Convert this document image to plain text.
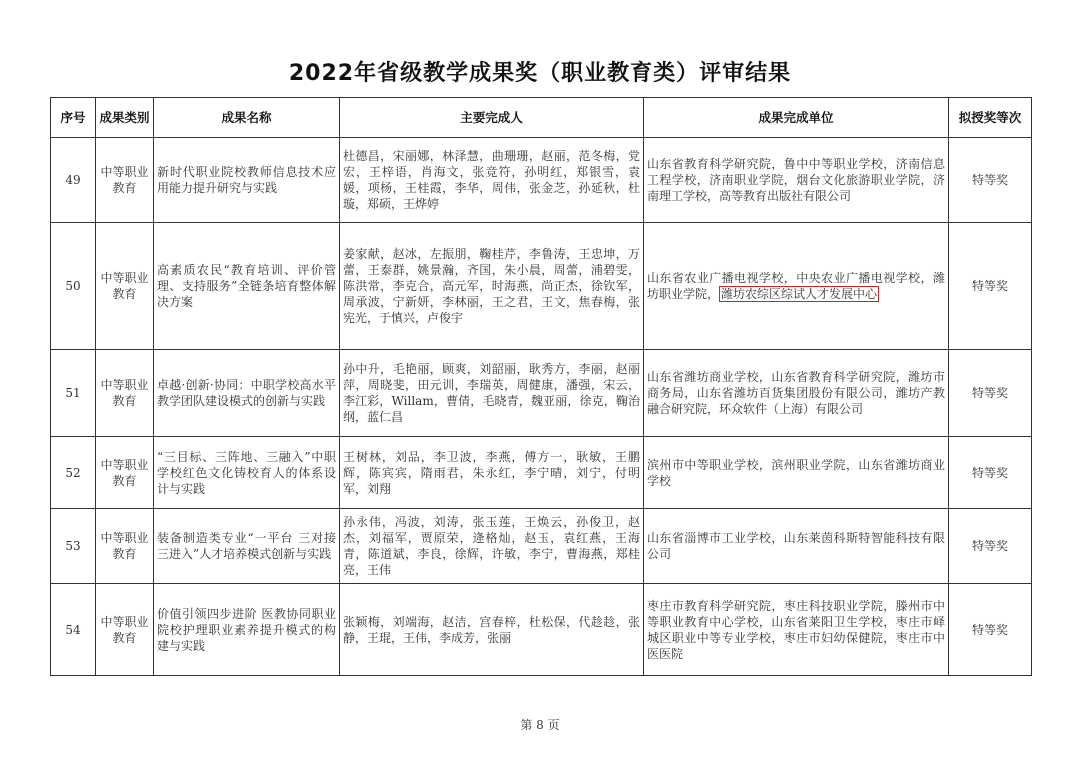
2022年省级教学成果奖（职业教育类）评审结果
序号	成果类别	成果名称	主要完成人	成果完成单位	拟授奖等次
49	中等职业教育	新时代职业院校教师信息技术应用能力提升研究与实践	杜德昌，宋丽娜，林泽慧，曲珊珊，赵丽，范冬梅，党宏，王梓语，肖海文，张竞符，孙明红，郑银雪，袁媛，项杨，王桂霞，李华，周伟，张金芝，孙延秋，杜璇，郑硕，王烨婷	山东省教育科学研究院，鲁中中等职业学校，济南信息工程学校，济南职业学院，烟台文化旅游职业学院，济南理工学校，高等教育出版社有限公司	特等奖
50	中等职业教育	高素质农民“教育培训、评价管理、支持服务”全链条培育整体解决方案	姜家献，赵冰，左振朋，鞠桂芹，李鲁涛，王忠坤，万蕾，王泰群，姚景瀚，齐国，朱小晨，周蕾，浦碧雯，陈洪常，李克合，高元军，时海燕，尚正杰，徐钦军，周承波，宁新妍，李林丽，王之君，王文，焦春梅，张宪光，于慎兴，卢俊宇	山东省农业广播电视学校，中央农业广播电视学校，潍坊职业学院， 潍坊农综区综试人才发展中心	特等奖
51	中等职业教育	卓越·创新·协同：中职学校高水平教学团队建设模式的创新与实践	孙中升，毛艳丽，顾爽，刘韶丽，耿秀方，李丽，赵丽萍，周晓斐，田元训，李瑞英，周健康，潘强，宋云，李江彩，Willam，曹倩，毛晓青，魏亚丽，徐克，鞠治纲，蓝仁昌	山东省潍坊商业学校，山东省教育科学研究院，潍坊市商务局，山东省潍坊百货集团股份有限公司，潍坊产教融合研究院，环众软件（上海）有限公司	特等奖
52	中等职业教育	“三目标、三阵地、三融入”中职学校红色文化铸校育人的体系设计与实践	王树林，刘品，李卫波，李燕，傅方一，耿敏，王鹏辉，陈宾宾，隋雨君，朱永红，李宁晴，刘宁，付明军，刘翔	滨州市中等职业学校，滨州职业学院，山东省潍坊商业学校	特等奖
53	中等职业教育	装备制造类专业“一平台 三对接 三进入”人才培养模式创新与实践	孙永伟，冯波，刘涛，张玉莲，王焕云，孙俊卫，赵杰，刘福军，贾原荣，逄格灿，赵玉，袁红燕，王海青，陈道斌，李良，徐辉，许敏，李宁，曹海燕，郑桂亮，王伟	山东省淄博市工业学校，山东莱茵科斯特智能科技有限公司	特等奖
54	中等职业教育	价值引领四步进阶 医教协同职业院校护理职业素养提升模式的构建与实践	张颖梅，刘端海，赵洁，宫春梓，杜松保，代趁趁，张静，王琨，王伟，李成芳，张丽	枣庄市教育科学研究院，枣庄科技职业学院，滕州市中等职业教育中心学校，山东省莱阳卫生学校，枣庄市峄城区职业中等专业学校，枣庄市妇幼保健院，枣庄市中医医院	特等奖
第 8 页
